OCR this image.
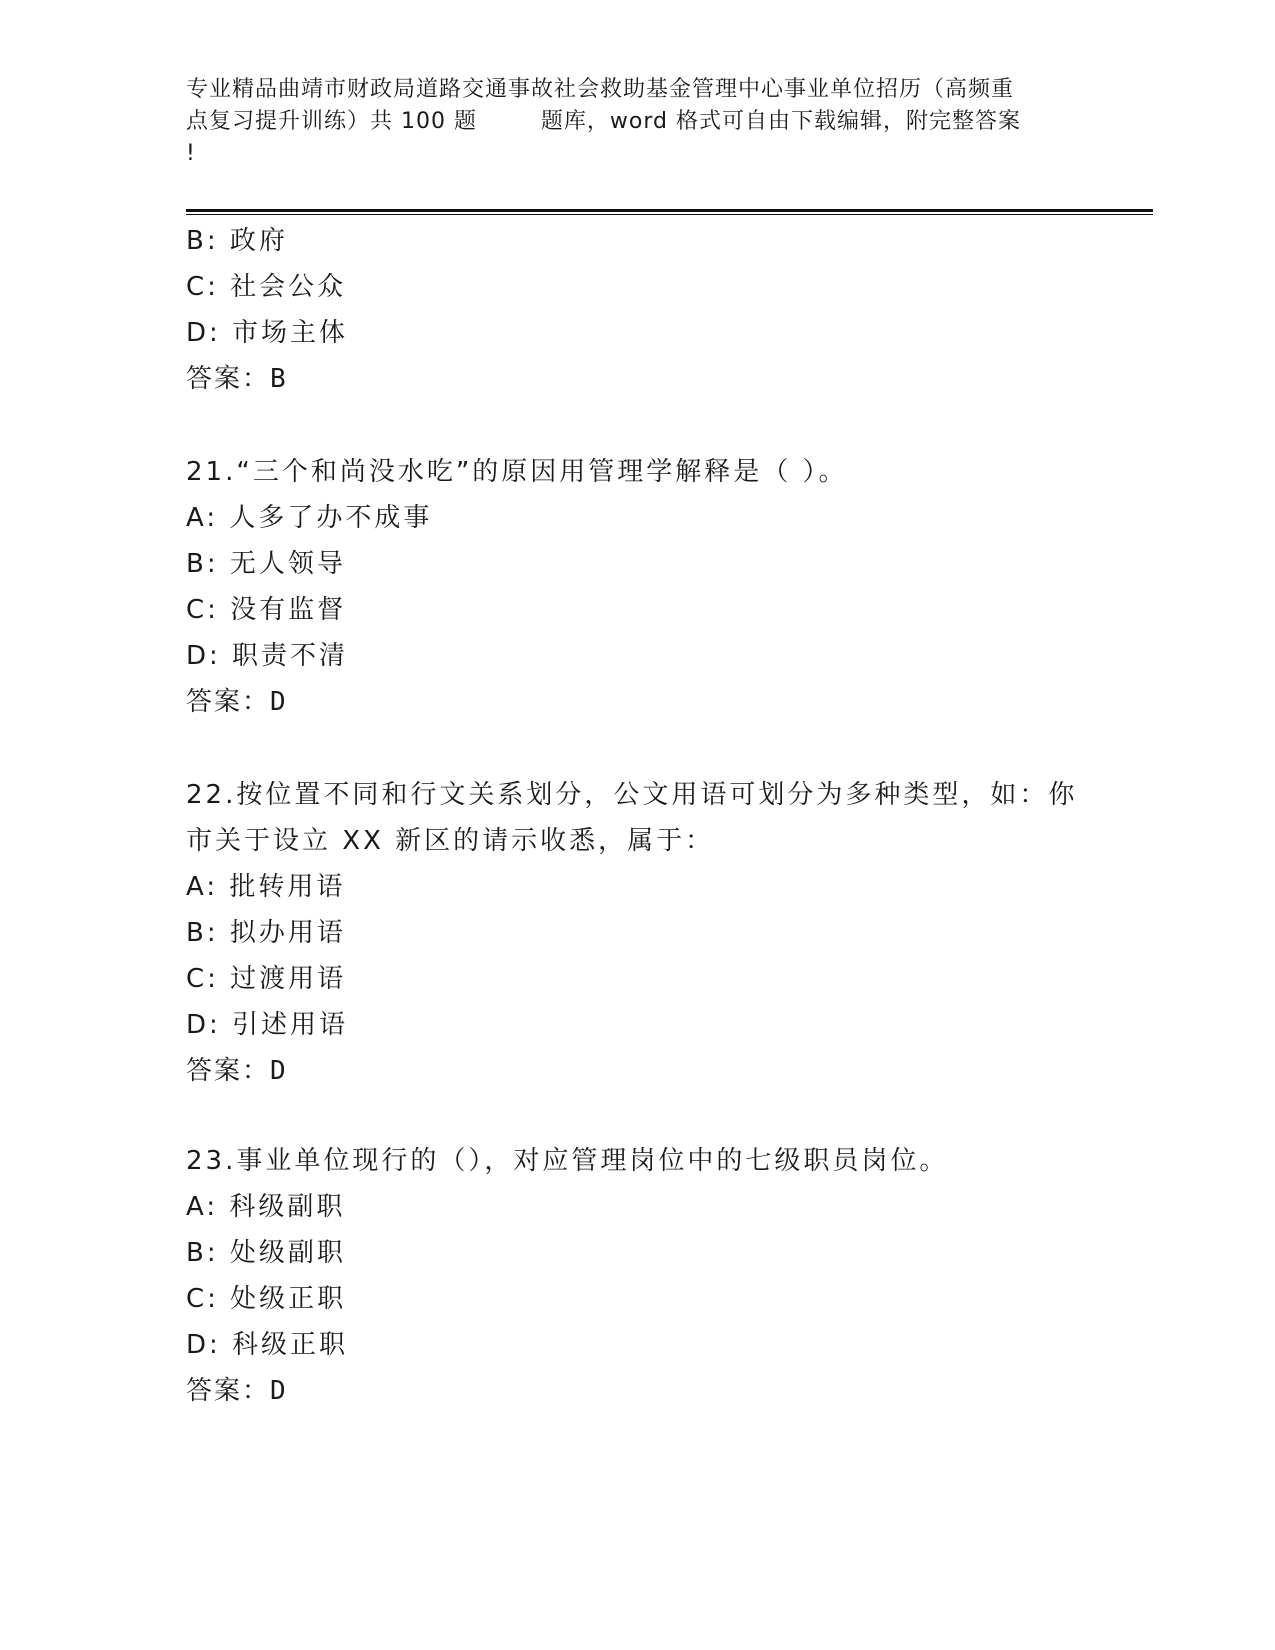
专业精品曲靖市财政局道路交通事故社会救助基金管理中心事业单位招历（高频重
点复习提升训练）共 100 题        题库，word 格式可自由下载编辑，附完整答案
!
B: 政府
C: 社会公众
D: 市场主体
答案：B
21.“三个和尚没水吃”的原因用管理学解释是（ ）。
A: 人多了办不成事
B: 无人领导
C: 没有监督
D: 职责不清
答案：D
22.按位置不同和行文关系划分，公文用语可划分为多种类型，如：你
市关于设立 XX 新区的请示收悉，属于：
A: 批转用语
B: 拟办用语
C: 过渡用语
D: 引述用语
答案：D
23.事业单位现行的（），对应管理岗位中的七级职员岗位。
A: 科级副职
B: 处级副职
C: 处级正职
D: 科级正职
答案：D
